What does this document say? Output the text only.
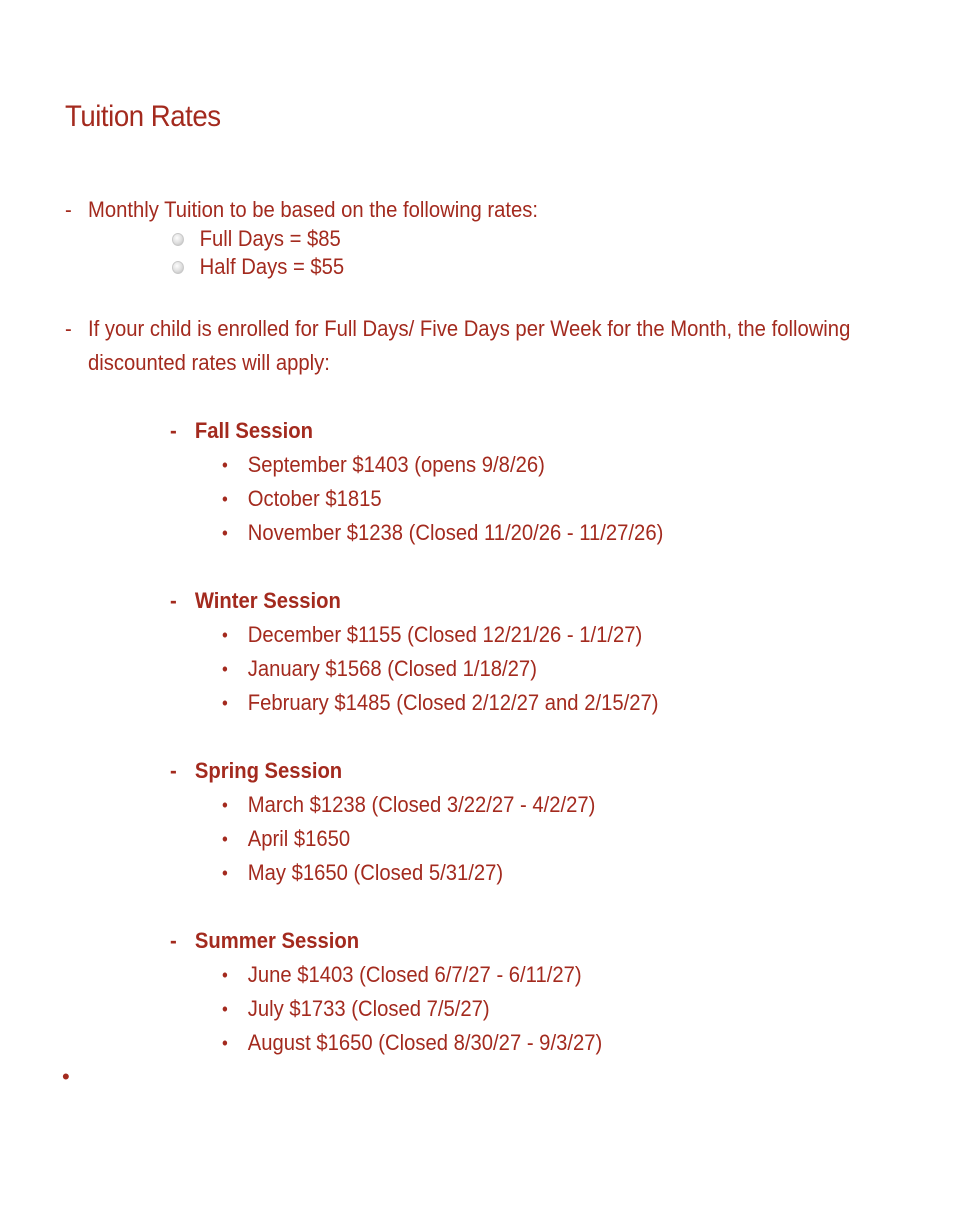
Tuition Rates
- Monthly Tuition to be based on the following rates:
Full Days = $85
Half Days = $55
- If your child is enrolled for Full Days/ Five Days per Week for the Month, the following
discounted rates will apply:
- Fall Session
• September $1403 (opens 9/8/26)
• October $1815
• November $1238 (Closed 11/20/26 - 11/27/26)
- Winter Session
• December $1155 (Closed 12/21/26 - 1/1/27)
• January $1568 (Closed 1/18/27)
• February $1485 (Closed 2/12/27 and 2/15/27)
- Spring Session
• March $1238 (Closed 3/22/27 - 4/2/27)
• April $1650
• May $1650 (Closed 5/31/27)
- Summer Session
• June $1403 (Closed 6/7/27 - 6/11/27)
• July $1733 (Closed 7/5/27)
• August $1650 (Closed 8/30/27 - 9/3/27)
•
